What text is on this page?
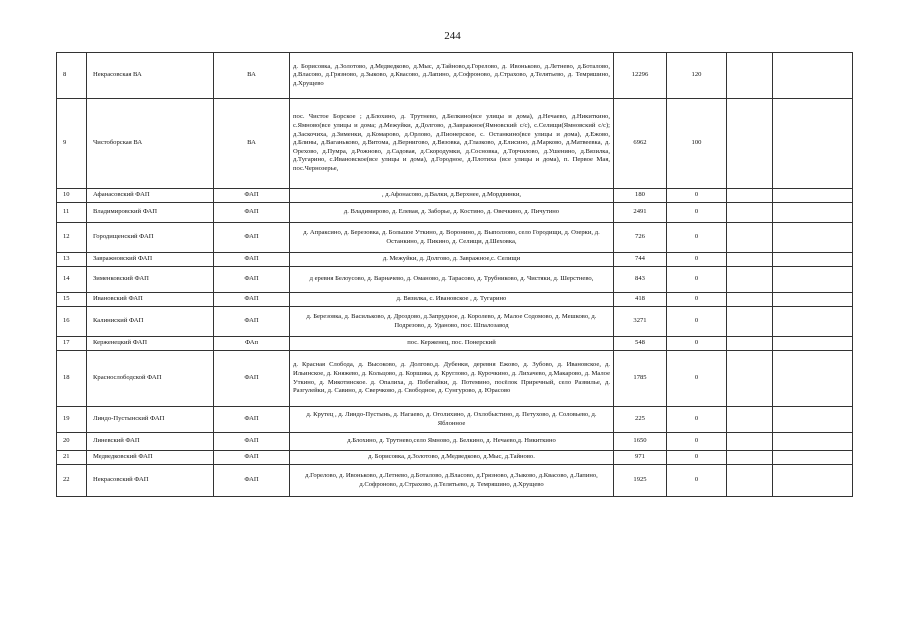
244
8	Некрасовская ВА	ВА	д. Борисовка, д.Золотово, д.Медведково, д.Мыс, д.Тайново,д.Горелово, д. Ивоньково, д.Летнево, д.Боталово, д.Власово, д.Грязново, д.Зыково, д.Квасово, д.Лапино, д.Софроново, д.Страхово, д.Телятьево, д. Темряшино, д.Хрущево	12296	120		
9	Чистоборская ВА	ВА	пос. Чистое Борское ; д.Блохино, д. Трутнево, д.Белкино(все улицы и дома), д.Нечаево, д.Никиткино, с.Ямново(все улицы и дома; д.Межуйки, д.Долгово, д.Завражное(Ямновский с/с), с.Селищи(Ямновский с/с); д.Заскочиха, д.Зименки, д.Комарово, д.Орлово, д.Пионерское, с. Останкино(все улицы и дома), д.Ежово, д.Блины, д.Ваганьково, д.Витома, д.Вернигово, д.Вязовка, д.Глазково, д.Елисино, д.Марково, д.Матвеевка, д. Орехово, д.Пумра, д.Рожново, д.Садовая, д.Скородумки, д.Сосновка, д.Торчилово, д.Ушенино, д.Вязилка, д.Тугарино, с.Ивановское(все улицы и дома), д.Городное, д.Плотиха (все улицы и дома), п. Первое Мая, пос.Чернозерье,	6962	100		
10	Афанасовский ФАП	ФАП	, д.Афонасово, д.Валки, д.Верхнее, д.Мордвинки,	180	0		
11	Владимировский ФАП	ФАП	д. Владимирово, д. Елевая, д. Заборье, д. Костино, д. Овечкино, д. Пичутино	2491	0		
12	Городищенский ФАП	ФАП	д. Апраксино, д. Березовка, д. Большое Уткино, д. Воронино, д. Выползово, село Городищи, д. Озерки, д. Останкино, д. Пикино, д. Селищи, д.Шеховка,	726	0		
13	Завражновский ФАП	ФАП	д. Межуйки, д. Долгово, д. Завражное,с. Селищи	744	0		
14	Зименковский ФАП	ФАП	д еревня Белоусово, д. Варначево, д. Оманово, д. Тарасово, д. Трубниково, д. Чистяки, д. Шерстнево,	843	0		
15	Ивановский ФАП	ФАП	д. Вязилка, с. Ивановское , д. Тугарино	418	0		
16	Калиниский ФАП	ФАП	д. Березовка, д. Васильково, д. Дроздово, д.Запрудное, д. Королево, д. Малое Содомово, д. Мешково, д. Подрезово, д. Уданово, пос. Шпалозавод	3271	0		
17	Керженецкий ФАП	ФАп	пос. Керженец, пос. Понерский	548	0		
18	Краснослободской ФАП	ФАП	д. Красная Слобода, д. Высоково, д. Долгово,д. Дубенки, деревня Ежово, д. Зубово, д. Ивановское, д. Ильинское, д. Княжево, д. Кольцово, д. Коршика, д. Круглово, д. Курочкино, д. Лихачево, д.Макарово, д. Малое Уткино, д. Микотинское. д. Опалиха, д. Побегайки, д. Потемино, посёлок Приречный, село Развилье, д. Разгулейки, д. Савино, д. Сверчково, д. Свободное, д. Сунгурово, д. Юрасово	1785	0		
19	Линдо-Пустынский ФАП	ФАП	д. Крутец , д. Линдо-Пустынь, д. Нагаево, д. Оголихино, д. Охлобыстино, д. Петухово, д. Соловьево, д. Яблонное	225	0		
20	Линевский ФАП	ФАП	д.Блохино, д. Трутнево,село Ямново, д. Белкино, д. Нечаево,д. Никиткино	1650	0		
21	Медведковский ФАП	ФАП	д. Борисовка, д.Золотово, д.Медведково, д.Мыс, д.Тайново.	971	0		
22	Некрасовский ФАП	ФАП	д.Горелово, д. Ивоньково, д.Летнево, д.Боталово, д.Власово, д.Грязново, д.Зыково, д.Квасово, д.Лапино, д.Софроново, д.Страхово, д.Телятьево, д. Темряшино, д.Хрущево	1925	0		
